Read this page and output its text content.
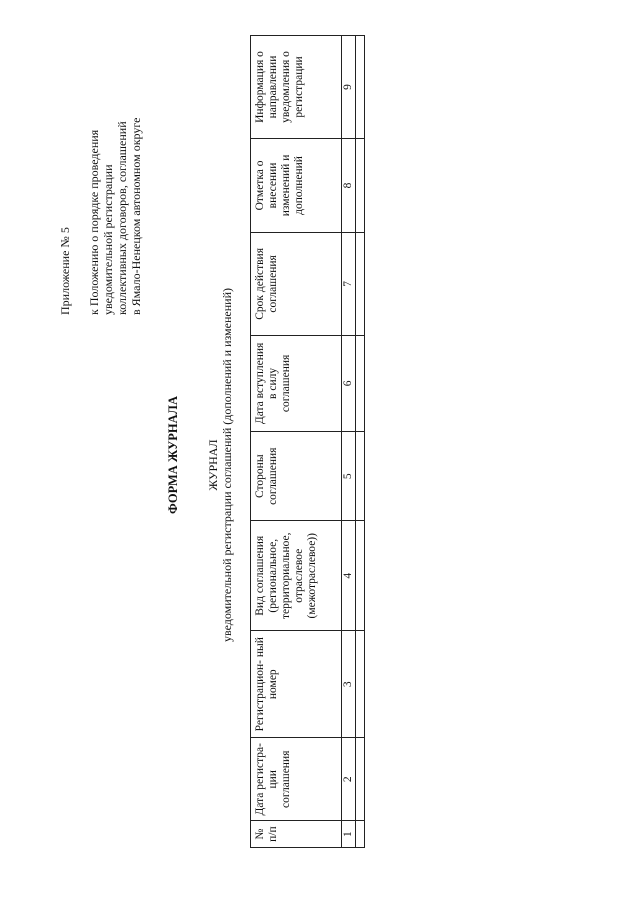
Приложение № 5 к Положению о порядке проведения уведомительной регистрации коллективных договоров, соглашений в Ямало-Ненецком автономном округе
ФОРМА ЖУРНАЛА ЖУРНАЛ уведомительной регистрации соглашений (дополнений и изменений)
№ п/п	Дата регистра- ции соглашения	Регистрацион- ный номер	Вид соглашения (региональное, территориальное, отраслевое (межотраслевое))	Стороны соглашения	Дата вступления в силу соглашения	Срок действия соглашения	Отметка о внесении изменений и дополнений	Информация о направлении уведомления о регистрации
1	2	3	4	5	6	7	8	9
